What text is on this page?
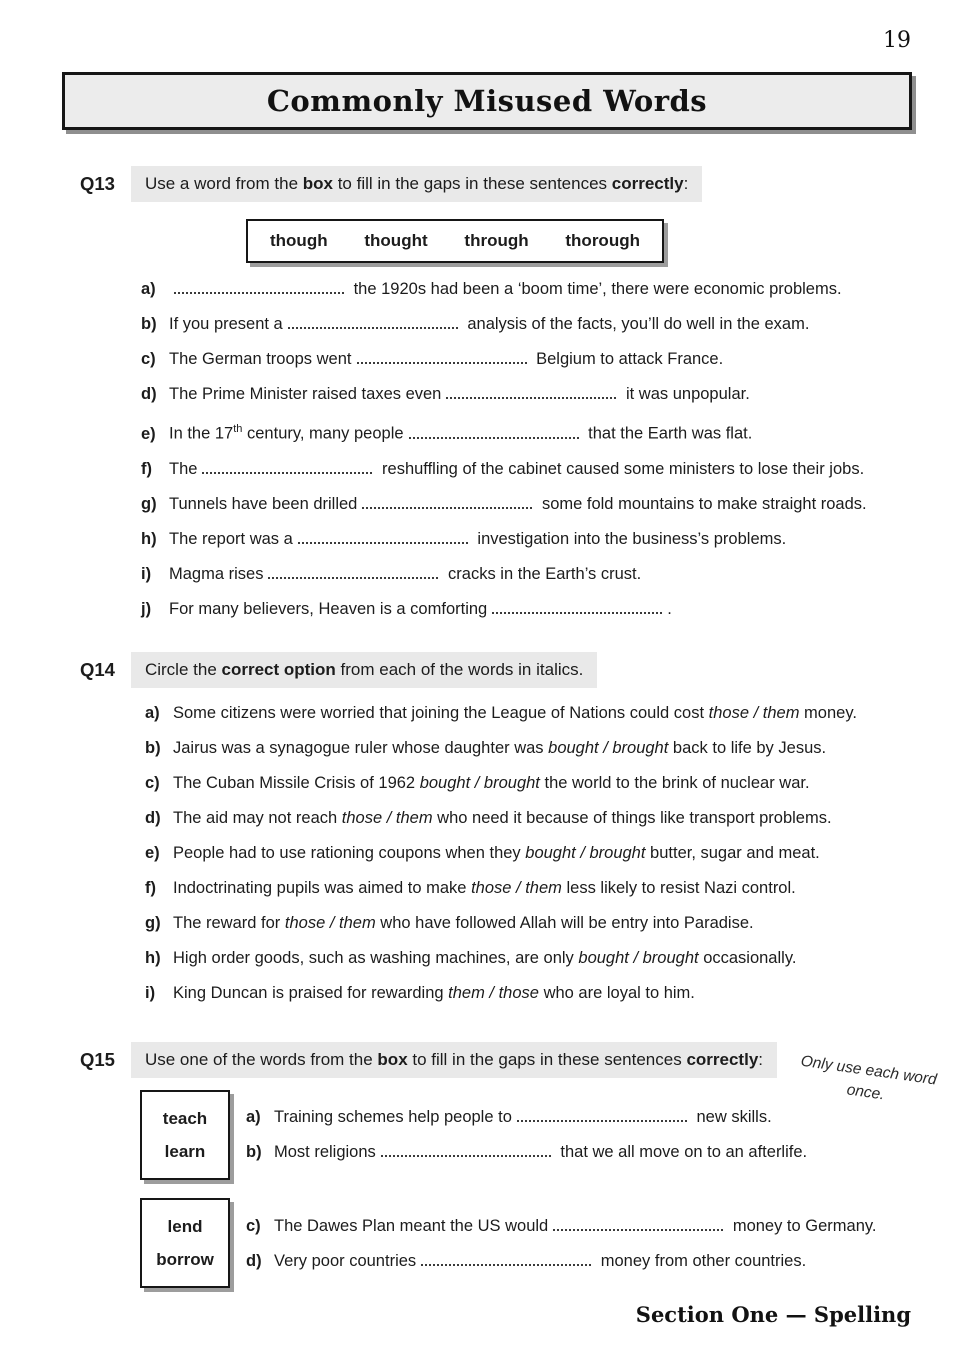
19
Commonly Misused Words
Q13	Use a word from the box to fill in the gaps in these sentences correctly:
though thought through thorough
a)	the 1920s had been a ‘boom time’, there were economic problems.
b) If you present a	analysis of the facts, you’ll do well in the exam.
c) The German troops went	Belgium to attack France.
d) The Prime Minister raised taxes even	it was unpopular.
e) In the 17th century, many people	that the Earth was flat.
f) The	reshuffling of the cabinet caused some ministers to lose their jobs.
g) Tunnels have been drilled	some fold mountains to make straight roads.
h) The report was a	investigation into the business’s problems.
i) Magma rises	cracks in the Earth’s crust.
j) For many believers, Heaven is a comforting	.
Q14	Circle the correct option from each of the words in italics.
a) Some citizens were worried that joining the League of Nations could cost those / them money.
b) Jairus was a synagogue ruler whose daughter was bought / brought back to life by Jesus.
c) The Cuban Missile Crisis of 1962 bought / brought the world to the brink of nuclear war.
d) The aid may not reach those / them who need it because of things like transport problems.
e) People had to use rationing coupons when they bought / brought butter, sugar and meat.
f) Indoctrinating pupils was aimed to make those / them less likely to resist Nazi control.
g) The reward for those / them who have followed Allah will be entry into Paradise.
h) High order goods, such as washing machines, are only bought / brought occasionally.
i) King Duncan is praised for rewarding them / those who are loyal to him.
Q15	Use one of the words from the box to fill in the gaps in these sentences correctly:	Only use each word once.
teach
learn
a) Training schemes help people to	new skills.
b) Most religions	that we all move on to an afterlife.
lend
borrow
c) The Dawes Plan meant the US would	money to Germany.
d) Very poor countries	money from other countries.
Section One — Spelling
